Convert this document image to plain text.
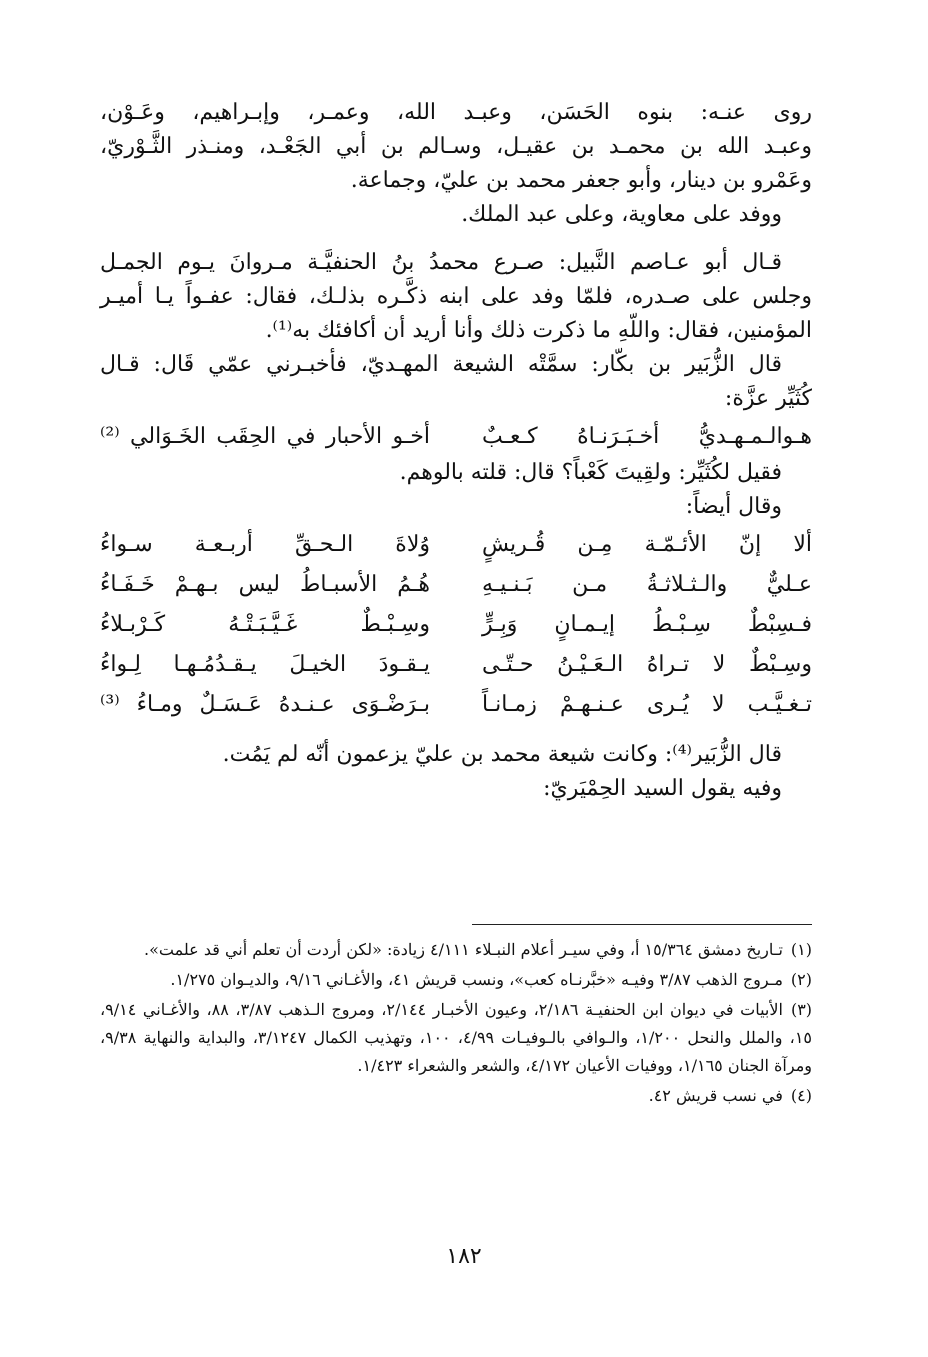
روى عنـه: بنوه الحَسَن، وعبـد الله، وعمـر، وإبـراهيم، وعَـوْن،
وعبـد الله بن محمـد بن عقيـل، وسـالم بن أبي الجَعْـد، ومنـذر الثَّـوْريّ،
وعَمْرو بن دينار، وأبو جعفر محمد بن عليّ، وجماعة.

ووفد على معاوية، وعلى عبد الملك.

قـال أبو عـاصم النَّبيل: صـرع محمدُ بنُ الحنفيَّـة مـروانَ يـوم الجمـل
وجلس على صـدره، فلمّا وفد على ابنه ذكَّـره بذلـك، فقال: عفـواً يـا أميـر
المؤمنين، فقال: واللّهِ ما ذكرت ذلك وأنا أريد أن أكافئك به⁽¹⁾.

قال الزُّبَير بن بكّار: سمَّتْه الشيعة المهـديّ، فأخبـرني عمّي قَال: قـال
كُثَيِّر عزَّة:

هـوالـمـهـديُّ أخـبَـرَنـاهُ كـعـبٌ
أخـو الأحبار في الحِقَب الخَـوَالي ⁽²⁾

فقيل لكُثَيِّر: ولقِيتَ كَعْباً؟ قال: قلته بالوهم.

وقال أيضاً:

ألا إنّ الأئـمّـة مِـن قُـريشٍ
وُلاةَ الـحـقِّ أربـعـة سـواءُ
عـليٌّ والـثـلاثـةُ مـن بَـنـيـهِ
هُـمُ الأسبـاطُ ليس بـهـمْ خَـفَـاءُ
فـسِبْطٌ سِـبْـطُ إيـمـانٍ وَبِـرٍّ
وسِـبْـطٌ غَـيَّـبَـتْـهُ كَـرْبـلاءُ
وسِـبْطٌ لا تـراهُ الـعَـيْـنُ حـتّـى
يـقـودَ الخيـلَ يـقـدُمُـهـا لِـواءُ
تـغـيَّـب لا يُـرى عـنـهـمْ زمـانـاً
بـرَضْـوَى عـنـدهُ عَـسَـلٌ ومـاءُ ⁽³⁾

قال الزُّبَير⁽⁴⁾: وكانت شيعة محمد بن عليّ يزعمون أنّه لم يَمُت.

وفيه يقول السيد الحِمْيَريّ:

(١)تـاريخ دمشق ١٥/٣٦٤ أ، وفي سيـر أعلام النبـلاء ٤/١١١ زيادة: «لكن أردت أن تعلم أني قد علمت».

(٢)مـروج الذهب ٣/٨٧ وفيـه «خبَّرنـاه كعب»، ونسب قريش ٤١، والأغـاني ٩/١٦، والديـوان ١/٢٧٥.

(٣)الأبيات في ديوان ابن الحنفيـة ٢/١٨٦، وعيون الأخبـار ٢/١٤٤، ومروج الـذهب ٣/٨٧، ٨٨، والأغـاني ٩/١٤، ١٥، والملل والنحل ١/٢٠٠، والـوافي بالـوفيـات ٤/٩٩، ١٠٠، وتهذيب الكمال ٣/١٢٤٧، والبداية والنهاية ٩/٣٨، ومرآة الجنان ١/١٦٥، ووفيات الأعيان ٤/١٧٢، والشعر والشعراء ١/٤٢٣.

(٤)في نسب قريش ٤٢.

١٨٢
